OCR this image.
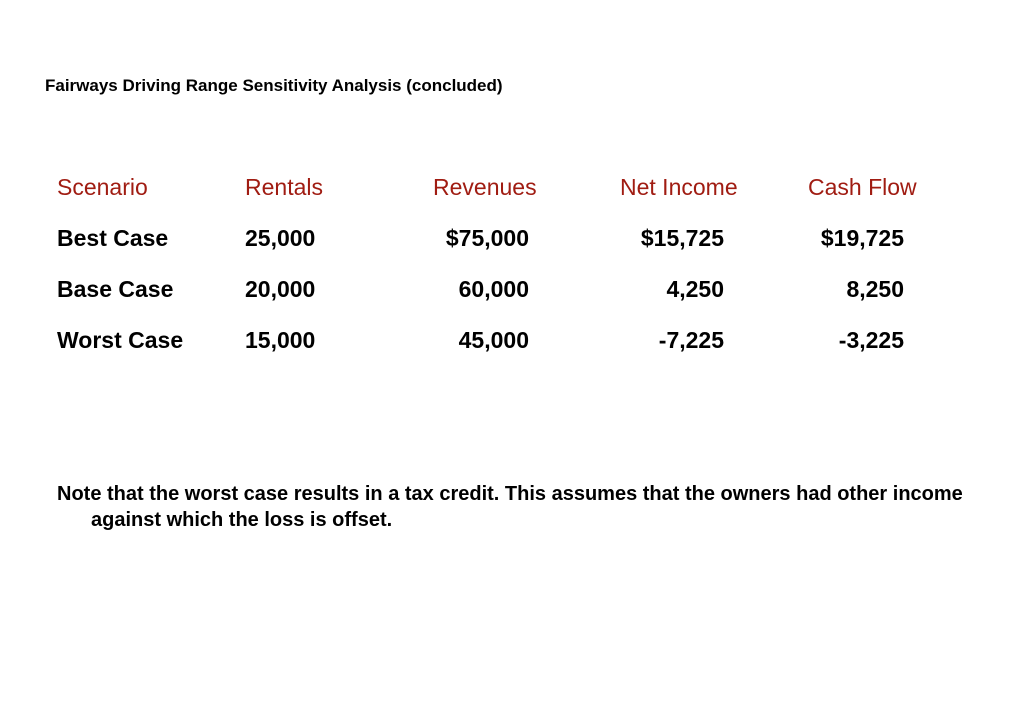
Fairways Driving Range Sensitivity Analysis (concluded)
Scenario	Rentals	Revenues	Net Income	Cash Flow
Best Case	25,000	$75,000	$15,725	$19,725
Base Case	20,000	60,000	4,250	8,250
Worst Case	15,000	45,000	-7,225	-3,225
Note that the worst case results in a tax credit. This assumes that the owners had other income against which the loss is offset.
